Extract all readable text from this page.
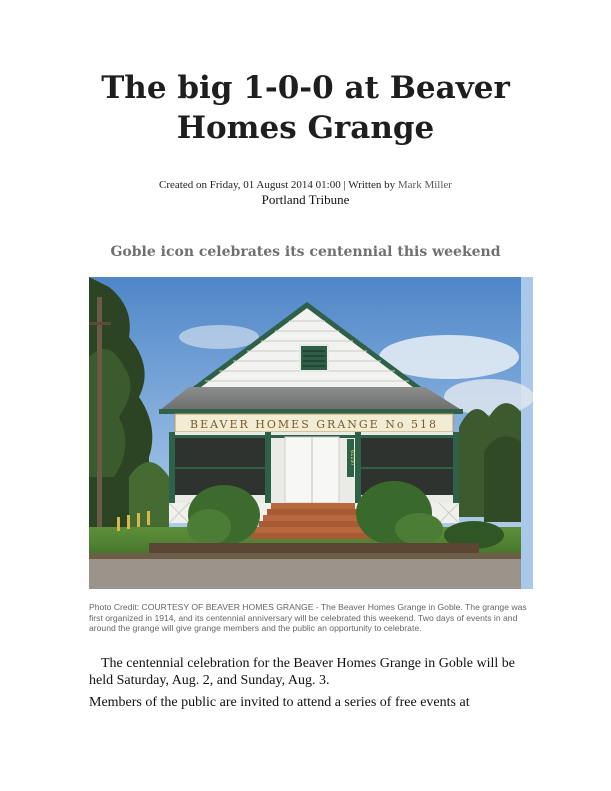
The big 1-0-0 at Beaver
Homes Grange
Created on Friday, 01 August 2014 01:00 | Written by Mark Miller
Portland Tribune
Goble icon celebrates its centennial this weekend
BEAVER HOMES GRANGE No 518
61197
Photo Credit: COURTESY OF BEAVER HOMES GRANGE - The Beaver Homes Grange in Goble. The grange was first organized in 1914, and its centennial anniversary will be celebrated this weekend. Two days of events in and around the grange will give grange members and the public an opportunity to celebrate.

The centennial celebration for the Beaver Homes Grange in Goble will be held Saturday, Aug. 2, and Sunday, Aug. 3.

Members of the public are invited to attend a series of free events at
